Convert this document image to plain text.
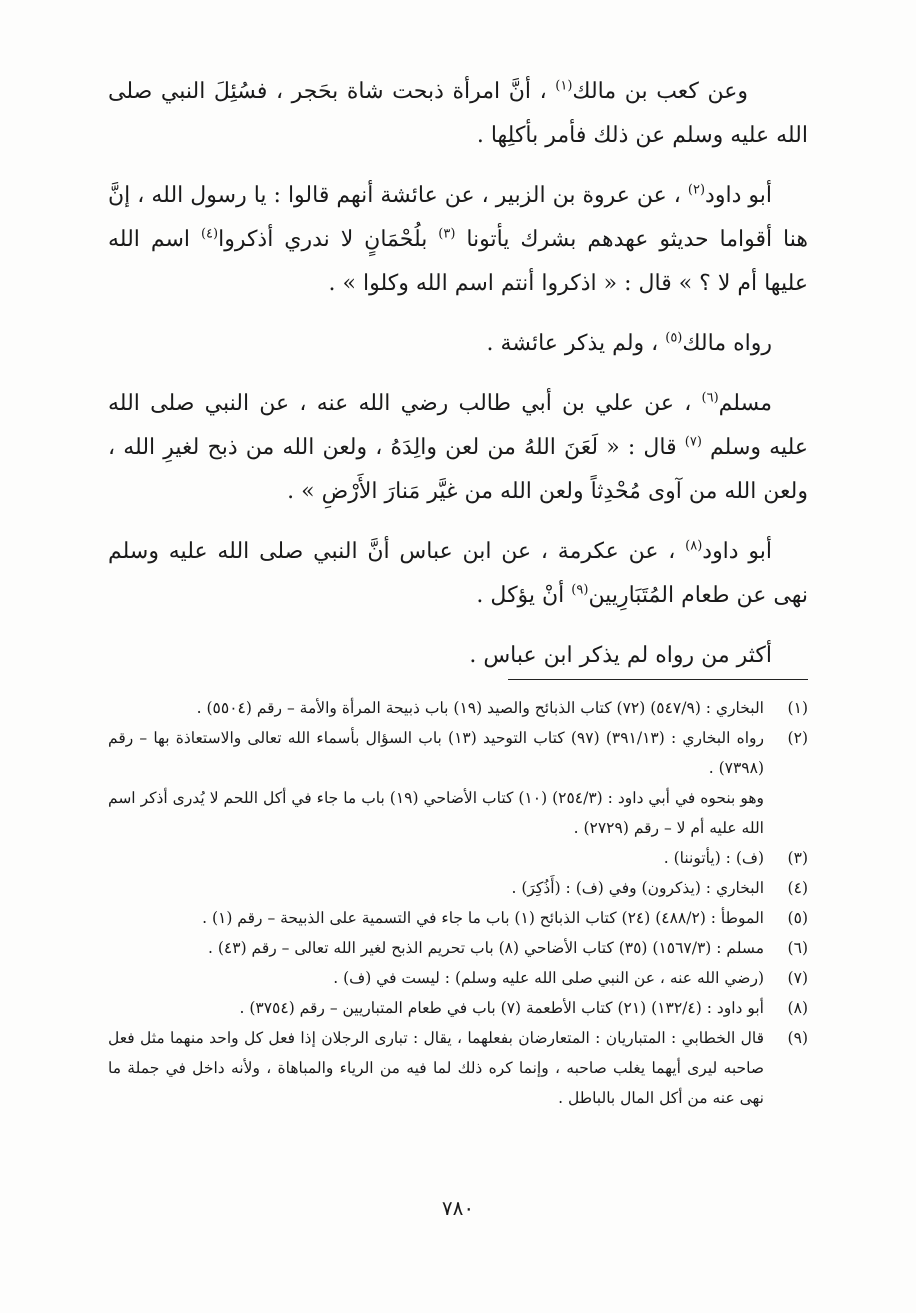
وعن كعب بن مالك$^{(١)}$ ، أنَّ امرأة ذبحت شاة بحَجر ، فسُئِلَ النبي صلى الله عليه وسلم عن ذلك فأمر بأكلِها .

أبو داود$^{(٢)}$ ، عن عروة بن الزبير ، عن عائشة أنهم قالوا : يا رسول الله ، إنَّ هنا أقواما حديثو عهدهم بشرك يأتونا $^{(٣)}$ بلُحْمَانٍ لا ندري أذكروا$^{(٤)}$ اسم الله عليها أم لا ؟ » قال : « اذكروا أنتم اسم الله وكلوا » .

رواه مالك$^{(٥)}$ ، ولم يذكر عائشة .

مسلم$^{(٦)}$ ، عن علي بن أبي طالب رضي الله عنه ، عن النبي صلى الله عليه وسلم $^{(٧)}$ قال : « لَعَنَ اللهُ من لعن والِدَهُ ، ولعن الله من ذبح لغيرِ الله ، ولعن الله من آوى مُحْدِثاً ولعن الله من غيَّر مَنارَ الأَرْضِ » .

أبو داود$^{(٨)}$ ، عن عكرمة ، عن ابن عباس أنَّ النبي صلى الله عليه وسلم نهى عن طعام المُتَبَارِيين$^{(٩)}$ أنْ يؤكل .

أكثر من رواه لم يذكر ابن عباس .

(١)
البخاري : (٥٤٧/٩) (٧٢) كتاب الذبائح والصيد (١٩) باب ذبيحة المرأة والأمة – رقم (٥٥٠٤) .
(٢)
رواه البخاري : (٣٩١/١٣) (٩٧) كتاب التوحيد (١٣) باب السؤال بأسماء الله تعالى والاستعاذة بها – رقم (٧٣٩٨) .
وهو بنحوه في أبي داود : (٢٥٤/٣) (١٠) كتاب الأضاحي (١٩) باب ما جاء في أكل اللحم لا يُدرى أذكر اسم الله عليه أم لا – رقم (٢٧٢٩) .
(٣)
(ف) : (يأتوننا) .
(٤)
البخاري : (يذكرون) وفي (ف) : (أَذُكِرَ) .
(٥)
الموطأ : (٤٨٨/٢) (٢٤) كتاب الذبائح (١) باب ما جاء في التسمية على الذبيحة – رقم (١) .
(٦)
مسلم : (١٥٦٧/٣) (٣٥) كتاب الأضاحي (٨) باب تحريم الذبح لغير الله تعالى – رقم (٤٣) .
(٧)
(رضي الله عنه ، عن النبي صلى الله عليه وسلم) : ليست في (ف) .
(٨)
أبو داود : (١٣٢/٤) (٢١) كتاب الأطعمة (٧) باب في طعام المتباريين – رقم (٣٧٥٤) .
(٩)
قال الخطابي : المتباريان : المتعارضان بفعلهما ، يقال : تبارى الرجلان إذا فعل كل واحد منهما مثل فعل صاحبه ليرى أيهما يغلب صاحبه ، وإنما كره ذلك لما فيه من الرياء والمباهاة ، ولأنه داخل في جملة ما نهى عنه من أكل المال بالباطل .
٧٨٠
